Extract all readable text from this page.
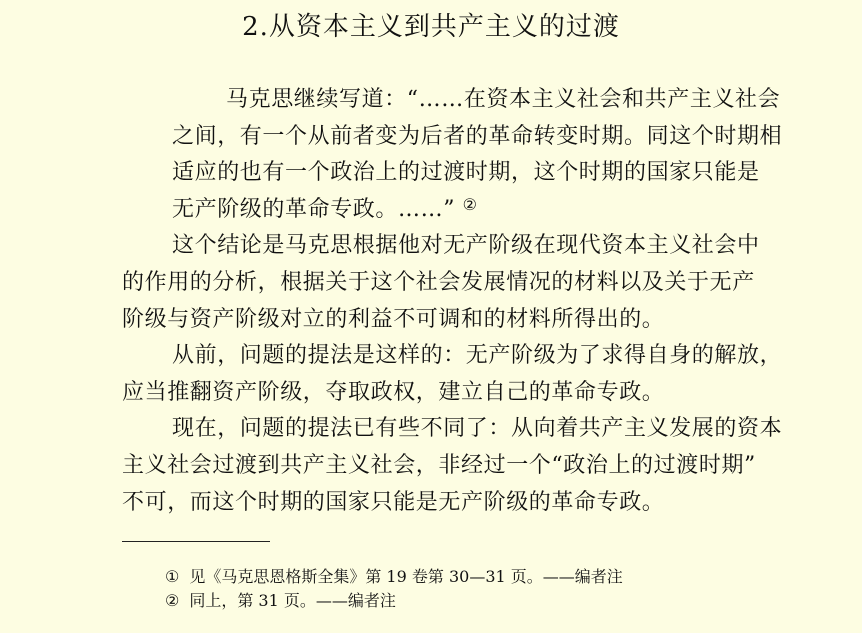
2.从资本主义到共产主义的过渡
马克思继续写道：“……在资本主义社会和共产主义社会
之间，有一个从前者变为后者的革命转变时期。同这个时期相
适应的也有一个政治上的过渡时期，这个时期的国家只能是
无产阶级的革命专政。……” ②
这个结论是马克思根据他对无产阶级在现代资本主义社会中
的作用的分析，根据关于这个社会发展情况的材料以及关于无产
阶级与资产阶级对立的利益不可调和的材料所得出的。
从前，问题的提法是这样的：无产阶级为了求得自身的解放，
应当推翻资产阶级，夺取政权，建立自己的革命专政。
现在，问题的提法已有些不同了：从向着共产主义发展的资本
主义社会过渡到共产主义社会，非经过一个“政治上的过渡时期”
不可，而这个时期的国家只能是无产阶级的革命专政。
① 见《马克思恩格斯全集》第 19 卷第 30—31 页。——编者注
② 同上，第 31 页。——编者注
